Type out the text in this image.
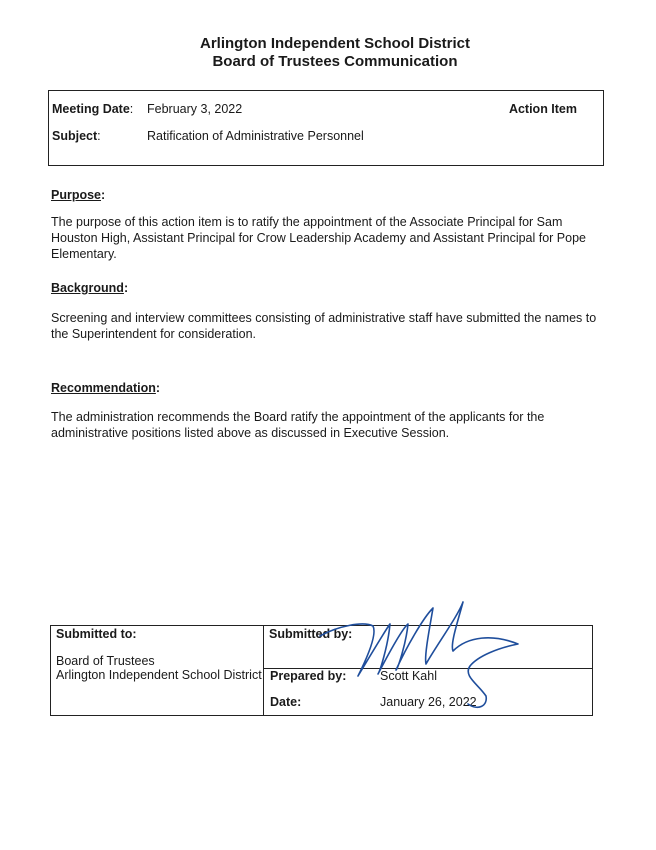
Arlington Independent School District
Board of Trustees Communication
Meeting Date: February 3, 2022	Action Item
Subject:	Ratification of Administrative Personnel
Purpose:
The purpose of this action item is to ratify the appointment of the Associate Principal for Sam Houston High, Assistant Principal for Crow Leadership Academy and Assistant Principal for Pope Elementary.
Background:
Screening and interview committees consisting of administrative staff have submitted the names to the Superintendent for consideration.
Recommendation:
The administration recommends the Board ratify the appointment of the applicants for the administrative positions listed above as discussed in Executive Session.
Submitted to:
Board of Trustees
Arlington Independent School District
Submitted by:
Prepared by:	Scott Kahl
Date:	January 26, 2022
